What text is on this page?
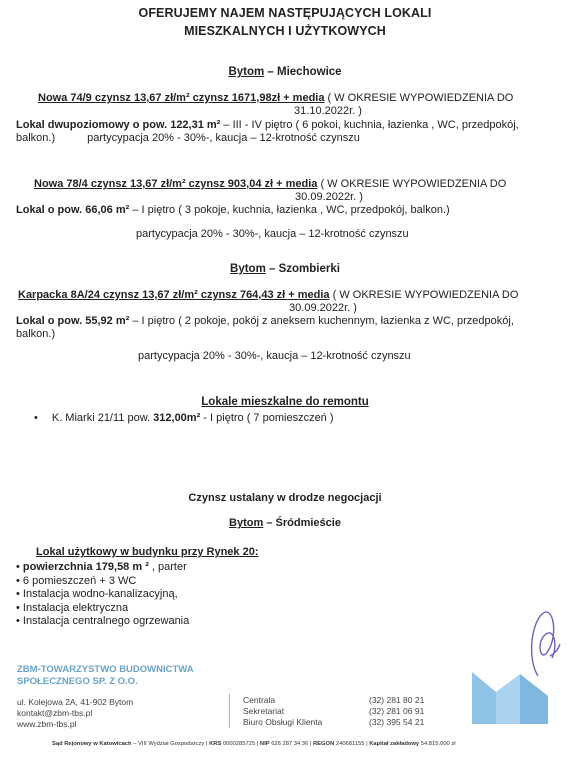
OFERUJEMY NAJEM NASTĘPUJĄCYCH LOKALI
MIESZKALNYCH I UŻYTKOWYCH
Bytom – Miechowice
Nowa 74/9 czynsz 13,67 zł/m² czynsz 1671,98zł + media ( W OKRESIE WYPOWIEDZENIA DO
31.10.2022r. )
Lokal dwupoziomowy o pow. 122,31 m² – III - IV piętro ( 6 pokoi, kuchnia, łazienka , WC, przedpokój,
balkon.)	partycypacja 20% - 30%-, kaucja – 12-krotność czynszu
Nowa 78/4 czynsz 13,67 zł/m² czynsz 903,04 zł + media ( W OKRESIE WYPOWIEDZENIA DO
30.09.2022r. )
Lokal o pow. 66,06 m² – I piętro ( 3 pokoje, kuchnia, łazienka , WC, przedpokój, balkon.)
partycypacja 20% - 30%-, kaucja – 12-krotność czynszu
Bytom – Szombierki
Karpacka 8A/24 czynsz 13,67 zł/m² czynsz 764,43 zł + media ( W OKRESIE WYPOWIEDZENIA DO
30.09.2022r. )
Lokal o pow. 55,92 m² – I piętro ( 2 pokoje, pokój z aneksem kuchennym, łazienka z WC, przedpokój,
balkon.)
partycypacja 20% - 30%-, kaucja – 12-krotność czynszu
Lokale mieszkalne do remontu
• K. Miarki 21/11 pow. 312,00m² - I piętro ( 7 pomieszczeń )
Czynsz ustalany w drodze negocjacji
Bytom – Śródmieście
Lokal użytkowy w budynku przy Rynek 20:
• powierzchnia 179,58 m ² , parter
• 6 pomieszczeń + 3 WC
• Instalacja wodno-kanalizacyjną,
• Instalacja elektryczna
• Instalacja centralnego ogrzewania
ZBM-TOWARZYSTWO BUDOWNICTWA
SPOŁECZNEGO SP. Z O.O.
ul. Kolejowa 2A, 41-902 Bytom
kontakt@zbm-tbs.pl
www.zbm-tbs.pl
Centrala
Sekretariat
Biuro Obsługi Klienta
(32) 281 80 21
(32) 281 06 91
(32) 395 54 21
Sąd Rejonowy w Katowicach – VIII Wydział Gospodarczy | KRS 0000285725 | NIP 626 287 34 36 | REGON 240681155 | Kapitał zakładowy 54.815.000 zł
